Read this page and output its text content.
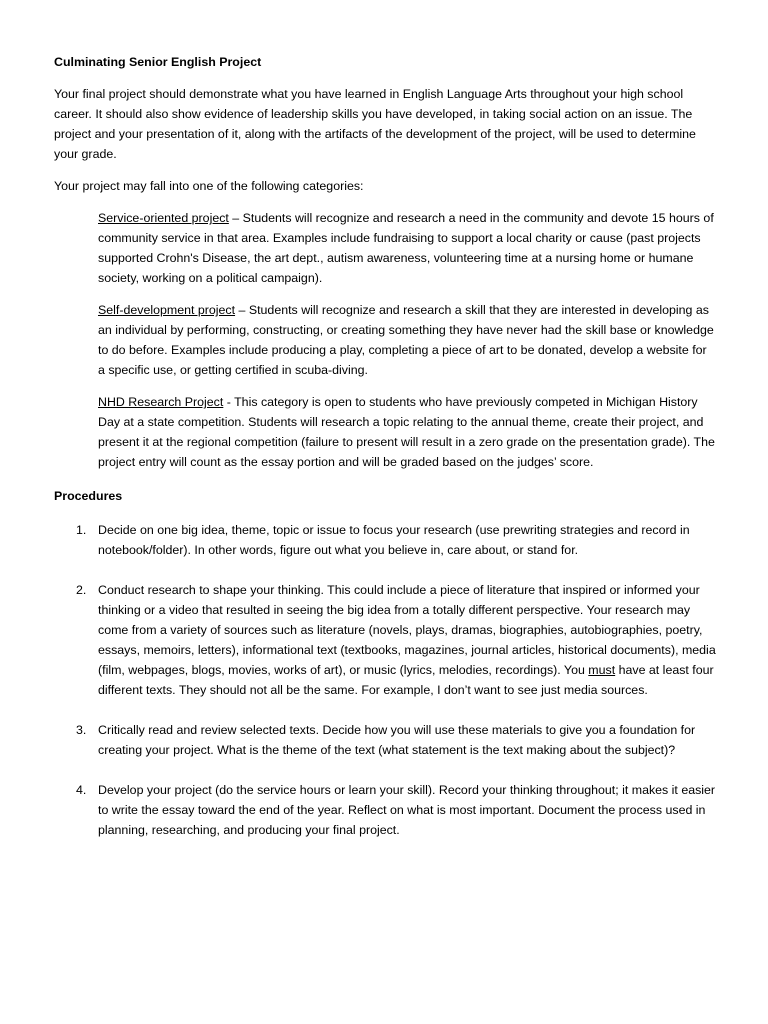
Culminating Senior English Project
Your final project should demonstrate what you have learned in English Language Arts throughout your high school career. It should also show evidence of leadership skills you have developed, in taking social action on an issue. The project and your presentation of it, along with the artifacts of the development of the project, will be used to determine your grade.
Your project may fall into one of the following categories:
Service-oriented project – Students will recognize and research a need in the community and devote 15 hours of community service in that area. Examples include fundraising to support a local charity or cause (past projects supported Crohn's Disease, the art dept., autism awareness, volunteering time at a nursing home or humane society, working on a political campaign).
Self-development project – Students will recognize and research a skill that they are interested in developing as an individual by performing, constructing, or creating something they have never had the skill base or knowledge to do before. Examples include producing a play, completing a piece of art to be donated, develop a website for a specific use, or getting certified in scuba-diving.
NHD Research Project - This category is open to students who have previously competed in Michigan History Day at a state competition. Students will research a topic relating to the annual theme, create their project, and present it at the regional competition (failure to present will result in a zero grade on the presentation grade). The project entry will count as the essay portion and will be graded based on the judges’ score.
Procedures
1. Decide on one big idea, theme, topic or issue to focus your research (use prewriting strategies and record in notebook/folder). In other words, figure out what you believe in, care about, or stand for.
2. Conduct research to shape your thinking. This could include a piece of literature that inspired or informed your thinking or a video that resulted in seeing the big idea from a totally different perspective. Your research may come from a variety of sources such as literature (novels, plays, dramas, biographies, autobiographies, poetry, essays, memoirs, letters), informational text (textbooks, magazines, journal articles, historical documents), media (film, webpages, blogs, movies, works of art), or music (lyrics, melodies, recordings). You must have at least four different texts. They should not all be the same. For example, I don’t want to see just media sources.
3. Critically read and review selected texts. Decide how you will use these materials to give you a foundation for creating your project. What is the theme of the text (what statement is the text making about the subject)?
4. Develop your project (do the service hours or learn your skill). Record your thinking throughout; it makes it easier to write the essay toward the end of the year. Reflect on what is most important. Document the process used in planning, researching, and producing your final project.
